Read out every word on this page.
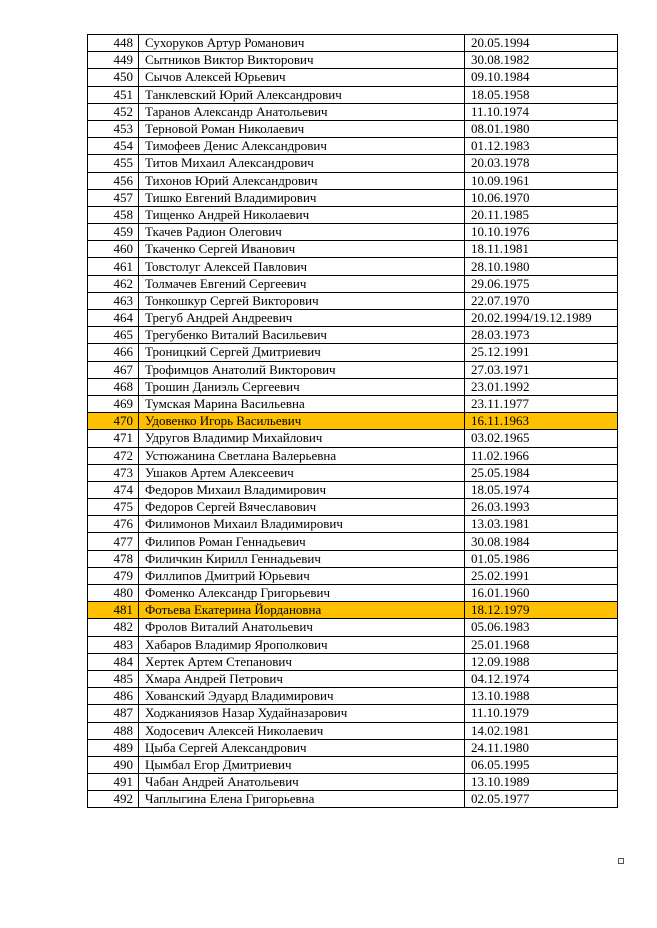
448	Сухоруков Артур Романович	20.05.1994
449	Сытников Виктор Викторович	30.08.1982
450	Сычов Алексей Юрьевич	09.10.1984
451	Танклевский Юрий Александрович	18.05.1958
452	Таранов Александр Анатольевич	11.10.1974
453	Терновой Роман Николаевич	08.01.1980
454	Тимофеев Денис Александрович	01.12.1983
455	Титов Михаил Александрович	20.03.1978
456	Тихонов Юрий Александрович	10.09.1961
457	Тишко Евгений Владимирович	10.06.1970
458	Тищенко Андрей Николаевич	20.11.1985
459	Ткачев Радион Олегович	10.10.1976
460	Ткаченко Сергей Иванович	18.11.1981
461	Товстолуг Алексей Павлович	28.10.1980
462	Толмачев Евгений Сергеевич	29.06.1975
463	Тонкошкур Сергей Викторович	22.07.1970
464	Трегуб Андрей Андреевич	20.02.1994/19.12.1989
465	Трегубенко Виталий Васильевич	28.03.1973
466	Троницкий Сергей Дмитриевич	25.12.1991
467	Трофимцов Анатолий Викторович	27.03.1971
468	Трошин Даниэль Сергеевич	23.01.1992
469	Тумская Марина Васильевна	23.11.1977
470	Удовенко Игорь Васильевич	16.11.1963
471	Удругов Владимир Михайлович	03.02.1965
472	Устюжанина Светлана Валерьевна	11.02.1966
473	Ушаков Артем Алексеевич	25.05.1984
474	Федоров Михаил Владимирович	18.05.1974
475	Федоров Сергей Вячеславович	26.03.1993
476	Филимонов Михаил Владимирович	13.03.1981
477	Филипов Роман Геннадьевич	30.08.1984
478	Филичкин Кирилл Геннадьевич	01.05.1986
479	Филлипов Дмитрий Юрьевич	25.02.1991
480	Фоменко Александр Григорьевич	16.01.1960
481	Фотьева Екатерина Йордановна	18.12.1979
482	Фролов Виталий Анатольевич	05.06.1983
483	Хабаров Владимир Ярополкович	25.01.1968
484	Хертек Артем Степанович	12.09.1988
485	Хмара Андрей Петрович	04.12.1974
486	Хованский Эдуард Владимирович	13.10.1988
487	Ходжаниязов Назар Худайназарович	11.10.1979
488	Ходосевич Алексей Николаевич	14.02.1981
489	Цыба Сергей Александрович	24.11.1980
490	Цымбал Егор Дмитриевич	06.05.1995
491	Чабан Андрей Анатольевич	13.10.1989
492	Чаплыгина Елена Григорьевна	02.05.1977
